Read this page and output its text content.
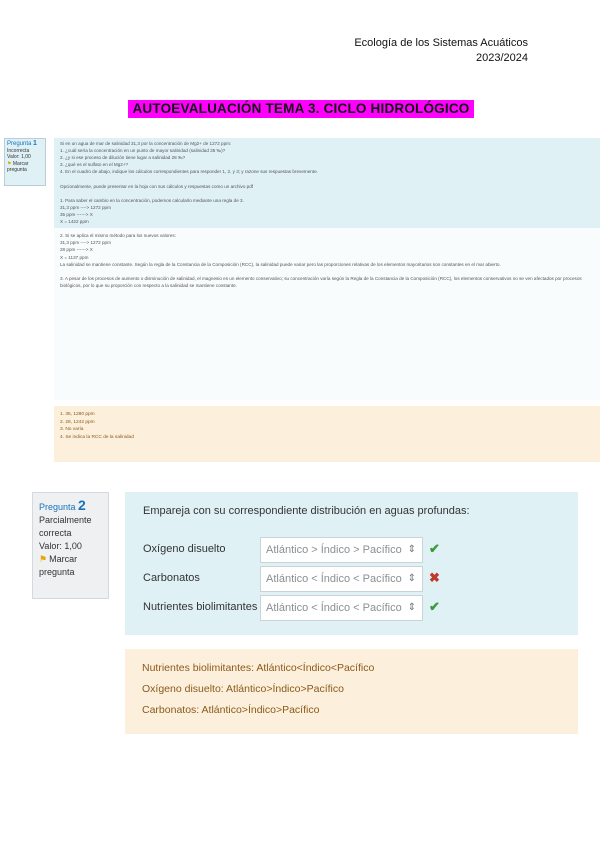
Ecología de los Sistemas Acuáticos
2023/2024
AUTOEVALUACIÓN TEMA 3. CICLO HIDROLÓGICO
Pregunta 1
Incorrecta
Valor: 1,00
⚑ Marcar pregunta
Si en un agua de mar de salinidad 31,3 por la concentración de Mg2+ de 1272 ppm:
1. ¿cuál sería la concentración en un punto de mayor salinidad (salinidad 35 ‰)?
2. ¿y si ese proceso de dilución tiene lugar a salinidad 28 ‰?
3. ¿qué es el sulfato en el Mg2+?
4. En el cuadro de abajo, indique los cálculos correspondientes para responder 1, 2, y 3; y razone sus respuestas brevemente.

Opcionalmente, puede presentar en la hoja con sus cálculos y respuestas como un archivo pdf

1. Para saber el cambio en la concentración, podemos calcularlo mediante una regla de 3.
31,3 ppm ----> 1272 ppm
35 ppm ------> X
X = 1422 ppm

2. Si se aplica el mismo método para los nuevos valores:
31,3 ppm ----> 1272 ppm
28 ppm ------> X
X = 1137 ppm
La salinidad se mantiene constante. Según la regla de la Constancia de la Composición (RCC), la salinidad puede variar pero las proporciones relativas de los elementos mayoritarios son constantes en el mar abierto.

3. A pesar de los procesos de aumento o disminución de salinidad, el magnesio es un elemento conservativo; su concentración varía según la Regla de la Constancia de la Composición (RCC), los elementos conservativos no se ven afectados por procesos biológicos, por lo que su proporción con respecto a la salinidad se mantiene constante.
1. 35, 1280 ppm
2. 28, 1242 ppm
3. No varía
4. Se indica la RCC de la salinidad
Pregunta 2
Parcialmente correcta
Valor: 1,00
⚑ Marcar pregunta
Empareja con su correspondiente distribución en aguas profundas:
Oxígeno disuelto	Atlántico > Índico > Pacífico ⇕ ✔
Carbonatos	Atlántico < Índico < Pacífico ⇕ ✖
Nutrientes biolimitantes Atlántico < Índico < Pacífico ⇕ ✔
Nutrientes biolimitantes: Atlántico<Índico<Pacífico
Oxígeno disuelto: Atlántico>Índico>Pacífico
Carbonatos: Atlántico>Índico>Pacífico
